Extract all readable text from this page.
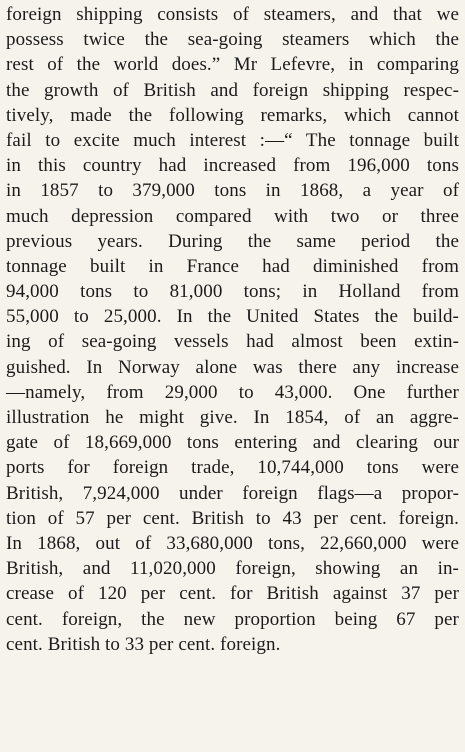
foreign shipping consists of steamers, and that we
possess twice the sea-going steamers which the
rest of the world does.” Mr Lefevre, in comparing
the growth of British and foreign shipping respec-
tively, made the following remarks, which cannot
fail to excite much interest :—“ The tonnage built
in this country had increased from 196,000 tons
in 1857 to 379,000 tons in 1868, a year of
much depression compared with two or three
previous years. During the same period the
tonnage built in France had diminished from
94,000 tons to 81,000 tons; in Holland from
55,000 to 25,000. In the United States the build-
ing of sea-going vessels had almost been extin-
guished. In Norway alone was there any increase
—namely, from 29,000 to 43,000. One further
illustration he might give. In 1854, of an aggre-
gate of 18,669,000 tons entering and clearing our
ports for foreign trade, 10,744,000 tons were
British, 7,924,000 under foreign flags—a propor-
tion of 57 per cent. British to 43 per cent. foreign.
In 1868, out of 33,680,000 tons, 22,660,000 were
British, and 11,020,000 foreign, showing an in-
crease of 120 per cent. for British against 37 per
cent. foreign, the new proportion being 67 per
cent. British to 33 per cent. foreign.
